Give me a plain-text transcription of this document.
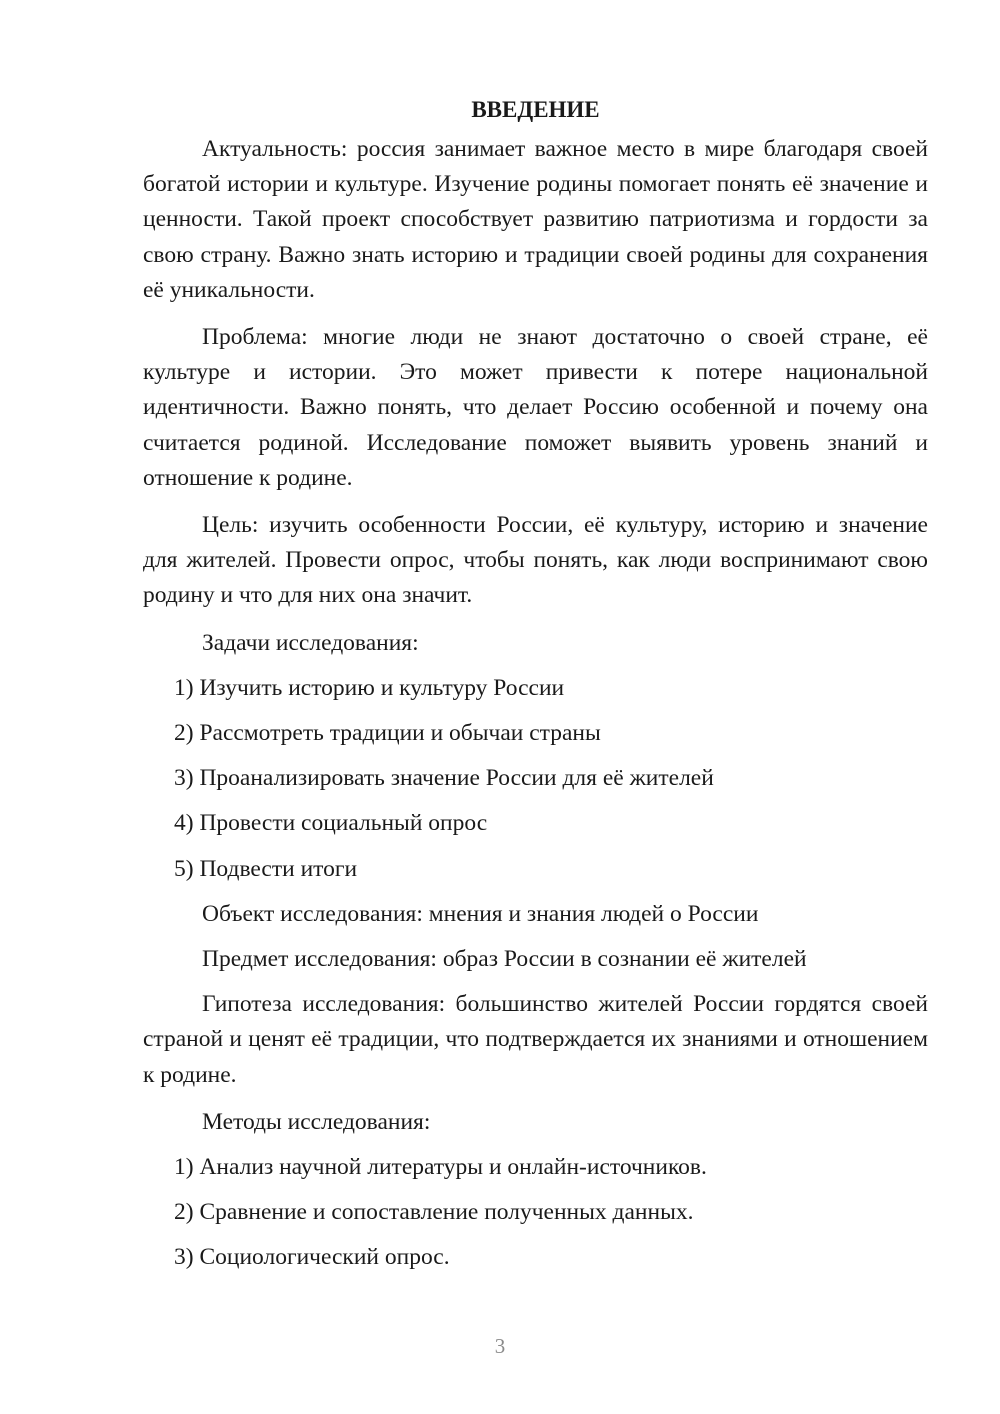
ВВЕДЕНИЕ

Актуальность: россия занимает важное место в мире благодаря своей богатой истории и культуре. Изучение родины помогает понять её значение и ценности. Такой проект способствует развитию патриотизма и гордости за свою страну. Важно знать историю и традиции своей родины для сохранения её уникальности.

Проблема: многие люди не знают достаточно о своей стране, её культуре и истории. Это может привести к потере национальной идентичности. Важно понять, что делает Россию особенной и почему она считается родиной. Исследование поможет выявить уровень знаний и отношение к родине.

Цель: изучить особенности России, её культуру, историю и значение для жителей. Провести опрос, чтобы понять, как люди воспринимают свою родину и что для них она значит.

Задачи исследования:

1) Изучить историю и культуру России

2) Рассмотреть традиции и обычаи страны

3) Проанализировать значение России для её жителей

4) Провести социальный опрос

5) Подвести итоги

Объект исследования: мнения и знания людей о России

Предмет исследования: образ России в сознании её жителей

Гипотеза исследования: большинство жителей России гордятся своей страной и ценят её традиции, что подтверждается их знаниями и отношением к родине.

Методы исследования:

1) Анализ научной литературы и онлайн-источников.

2) Сравнение и сопоставление полученных данных.

3) Социологический опрос.

3
